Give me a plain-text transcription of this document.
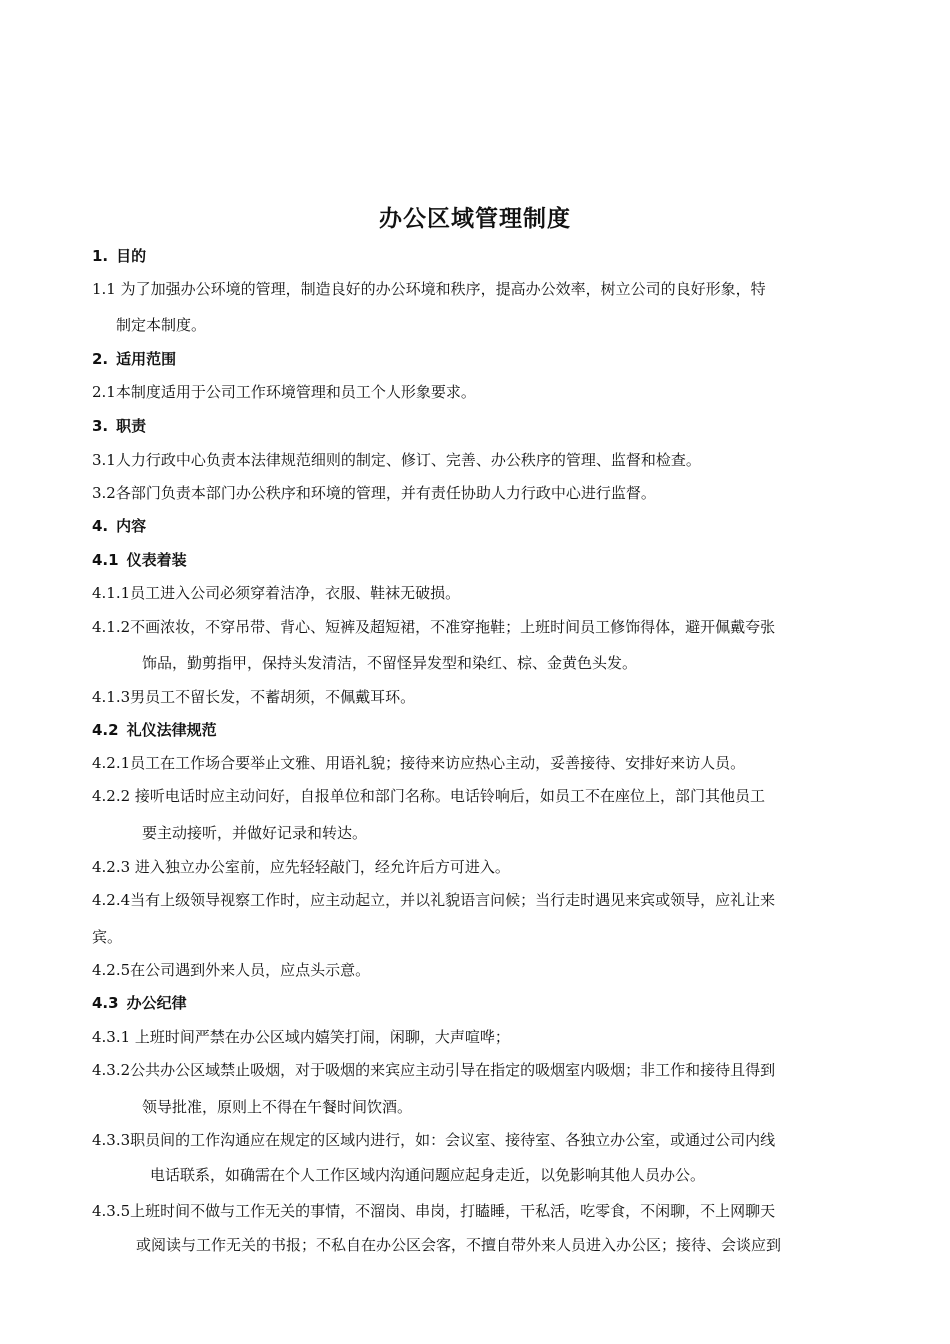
办公区域管理制度
1. 目的
1.1 为了加强办公环境的管理，制造良好的办公环境和秩序，提高办公效率，树立公司的良好形象，特
制定本制度。
2. 适用范围
2.1本制度适用于公司工作环境管理和员工个人形象要求。
3. 职责
3.1人力行政中心负责本法律规范细则的制定、修订、完善、办公秩序的管理、监督和检查。
3.2各部门负责本部门办公秩序和环境的管理，并有责任协助人力行政中心进行监督。
4. 内容
4.1 仪表着装
4.1.1员工进入公司必须穿着洁净，衣服、鞋袜无破损。
4.1.2不画浓妆，不穿吊带、背心、短裤及超短裙，不准穿拖鞋；上班时间员工修饰得体，避开佩戴夸张
饰品，勤剪指甲，保持头发清洁，不留怪异发型和染红、棕、金黄色头发。
4.1.3男员工不留长发，不蓄胡须，不佩戴耳环。
4.2 礼仪法律规范
4.2.1员工在工作场合要举止文雅、用语礼貌；接待来访应热心主动，妥善接待、安排好来访人员。
4.2.2 接听电话时应主动问好，自报单位和部门名称。电话铃响后，如员工不在座位上，部门其他员工
要主动接听，并做好记录和转达。
4.2.3 进入独立办公室前，应先轻轻敲门，经允许后方可进入。
4.2.4当有上级领导视察工作时，应主动起立，并以礼貌语言问候；当行走时遇见来宾或领导，应礼让来
宾。
4.2.5在公司遇到外来人员，应点头示意。
4.3 办公纪律
4.3.1 上班时间严禁在办公区域内嬉笑打闹，闲聊，大声喧哗；
4.3.2公共办公区域禁止吸烟，对于吸烟的来宾应主动引导在指定的吸烟室内吸烟；非工作和接待且得到
领导批准，原则上不得在午餐时间饮酒。
4.3.3职员间的工作沟通应在规定的区域内进行，如：会议室、接待室、各独立办公室，或通过公司内线
电话联系，如确需在个人工作区域内沟通问题应起身走近，以免影响其他人员办公。
4.3.5上班时间不做与工作无关的事情，不溜岗、串岗，打瞌睡，干私活，吃零食，不闲聊，不上网聊天
或阅读与工作无关的书报；不私自在办公区会客，不擅自带外来人员进入办公区；接待、会谈应到
